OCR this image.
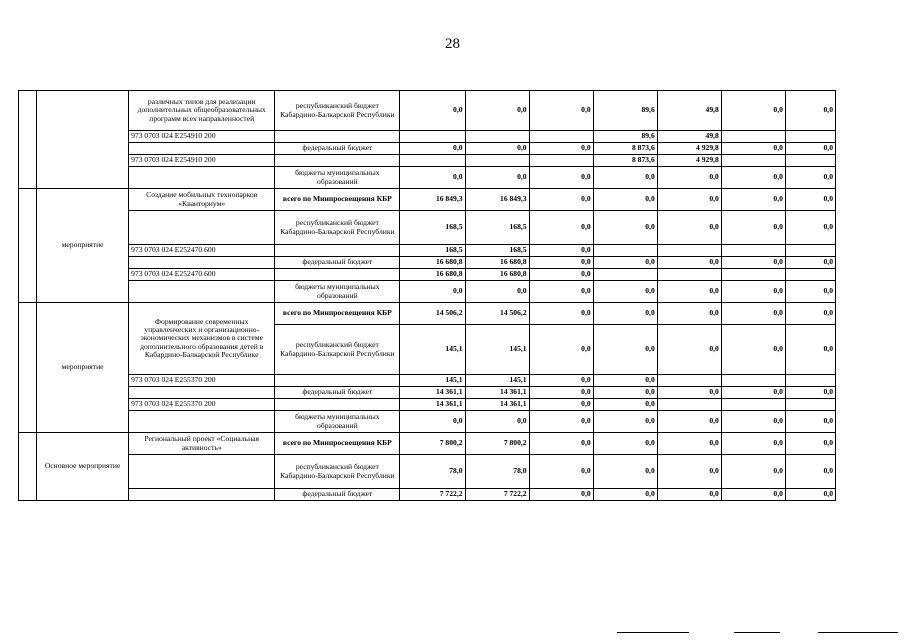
28
		различных типов для реализации дополнительных общеобразовательных программ всех направленностей	республиканский бюджет Кабардино-Балкарской Республики	0,0	0,0	0,0	89,6	49,8	0,0	0,0
		973 0703 024 E254910 200					89,6	49,8		
			федеральный бюджет	0,0	0,0	0,0	8 873,6	4 929,8	0,0	0,0
		973 0703 024 E254910 200					8 873,6	4 929,8		
			бюджеты муниципальных образований	0,0	0,0	0,0	0,0	0,0	0,0	0,0
	мероприятие	Создание мобильных технопарков «Кванториум»	всего по Минпросвещения КБР	16 849,3	16 849,3	0,0	0,0	0,0	0,0	0,0
			республиканский бюджет Кабардино-Балкарской Республики	168,5	168,5	0,0	0,0	0,0	0,0	0,0
		973 0703 024 E252470 600		168,5	168,5	0,0				
			федеральный бюджет	16 680,8	16 680,8	0,0	0,0	0,0	0,0	0,0
		973 0703 024 E252470 600		16 680,8	16 680,8	0,0				
			бюджеты муниципальных образований	0,0	0,0	0,0	0,0	0,0	0,0	0,0
	мероприятие	Формирование современных управленческих и организационно-экономических механизмов в системе дополнительного образования детей в Кабардино-Балкарской Республике	всего по Минпросвещения КБР	14 506,2	14 506,2	0,0	0,0	0,0	0,0	0,0
			республиканский бюджет Кабардино-Балкарской Республики	145,1	145,1	0,0	0,0	0,0	0,0	0,0
		973 0703 024 E255370 200		145,1	145,1	0,0	0,0			
			федеральный бюджет	14 361,1	14 361,1	0,0	0,0	0,0	0,0	0,0
		973 0703 024 E255370 200		14 361,1	14 361,1	0,0	0,0			
			бюджеты муниципальных образований	0,0	0,0	0,0	0,0	0,0	0,0	0,0
	Основное мероприятие	Региональный проект «Социальная активность»	всего по Минпросвещения КБР	7 800,2	7 800,2	0,0	0,0	0,0	0,0	0,0
			республиканский бюджет Кабардино-Балкарской Республики	78,0	78,0	0,0	0,0	0,0	0,0	0,0
			федеральный бюджет	7 722,2	7 722,2	0,0	0,0	0,0	0,0	0,0
